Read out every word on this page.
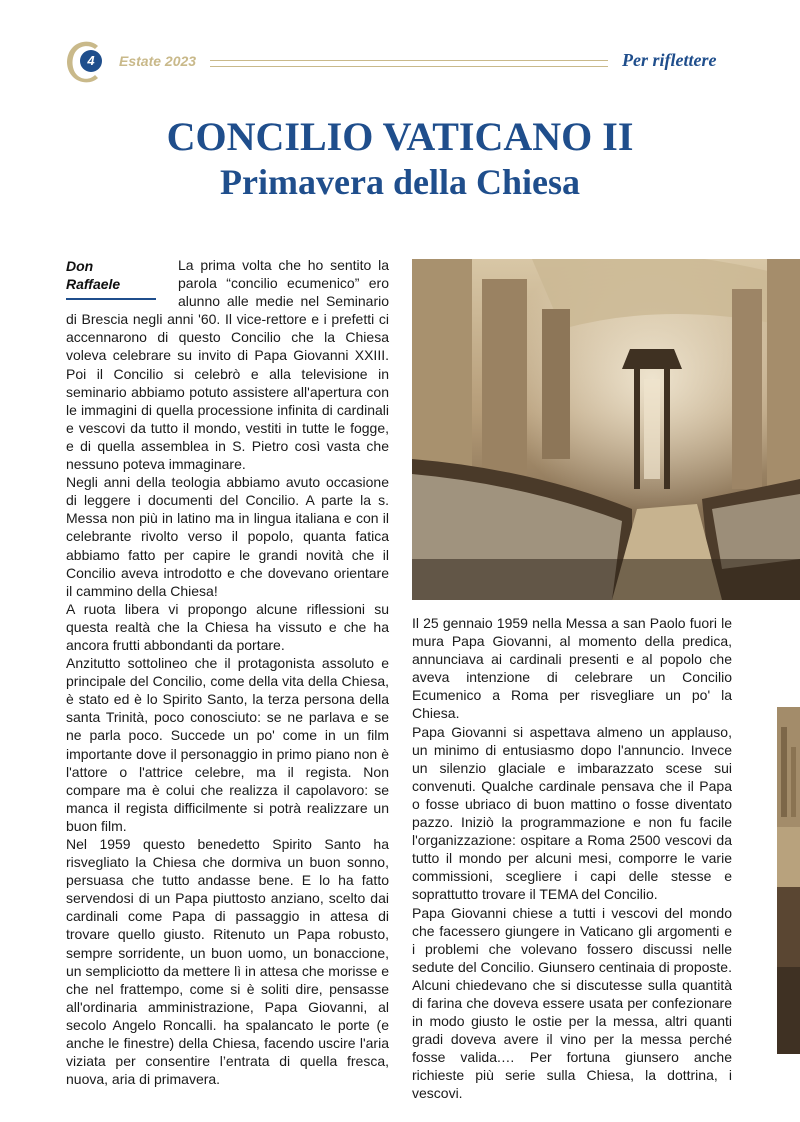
4	Estate 2023	Per riflettere
CONCILIO VATICANO II
Primavera della Chiesa
Don
Raffaele

La prima volta che ho sentito la parola “concilio ecumenico” ero alunno alle medie nel Seminario di Brescia negli anni '60. Il vice-rettore e i prefetti ci accennarono di questo Concilio che la Chiesa voleva celebrare su invito di Papa Giovanni XXIII. Poi il Concilio si celebrò e alla televisione in seminario abbiamo potuto assistere all'apertura con le immagini di quella processione infinita di cardinali e vescovi da tutto il mondo, vestiti in tutte le fogge, e di quella assemblea in S. Pietro così vasta che nessuno poteva immaginare.

Negli anni della teologia abbiamo avuto occasione di leggere i documenti del Concilio. A parte la s. Messa non più in latino ma in lingua italiana e con il celebrante rivolto verso il popolo, quanta fatica abbiamo fatto per capire le grandi novità che il Concilio aveva introdotto e che dovevano orientare il cammino della Chiesa!

A ruota libera vi propongo alcune riflessioni su questa realtà che la Chiesa ha vissuto e che ha ancora frutti abbondanti da portare.

Anzitutto sottolineo che il protagonista assoluto e principale del Concilio, come della vita della Chiesa, è stato ed è lo Spirito Santo, la terza persona della santa Trinità, poco conosciuto: se ne parlava e se ne parla poco. Succede un po' come in un film importante dove il personaggio in primo piano non è l'attore o l'attrice celebre, ma il regista. Non compare ma è colui che realizza il capolavoro: se manca il regista difficilmente si potrà realizzare un buon film.

Nel 1959 questo benedetto Spirito Santo ha risvegliato la Chiesa che dormiva un buon sonno, persuasa che tutto andasse bene. E lo ha fatto servendosi di un Papa piuttosto anziano, scelto dai cardinali come Papa di passaggio in attesa di trovare quello giusto. Ritenuto un Papa robusto, sempre sorridente, un buon uomo, un bonacciοne, un sempliciotto da mettere lì in attesa che morisse e che nel frattempo, come si è soliti dire, pensasse all'ordinaria amministrazione, Papa Giovanni, al secolo Angelo Roncalli. ha spalancato le porte (e anche le finestre) della Chiesa, facendo uscire l'aria viziata per consentire l’entrata di quella fresca, nuova, aria di primavera.

Il 25 gennaio 1959 nella Messa a san Paolo fuori le mura Papa Giovanni, al momento della predica, annunciava ai cardinali presenti e al popolo che aveva intenzione di celebrare un Concilio Ecumenico a Roma per risvegliare un po' la Chiesa.

Papa Giovanni si aspettava almeno un applauso, un minimo di entusiasmo dopo l'annuncio. Invece un silenzio glaciale e imbarazzato scese sui convenuti. Qualche cardinale pensava che il Papa o fosse ubriaco di buon mattino o fosse diventato pazzo. Iniziò la programmazione e non fu facile l'organizzazione: ospitare a Roma 2500 vescovi da tutto il mondo per alcuni mesi, comporre le varie commissioni, scegliere i capi delle stesse e soprattutto trovare il TEMA del Concilio.

Papa Giovanni chiese a tutti i vescovi del mondo che facessero giungere in Vaticano gli argomenti e i problemi che volevano fossero discussi nelle sedute del Concilio. Giunsero centinaia di proposte. Alcuni chiedevano che si discutesse sulla quantità di farina che doveva essere usata per confezionare in modo giusto le ostie per la messa, altri quanti gradi doveva avere il vino per la messa perché fosse valida.… Per fortuna giunsero anche richieste più serie sulla Chiesa, la dottrina, i vescovi.
